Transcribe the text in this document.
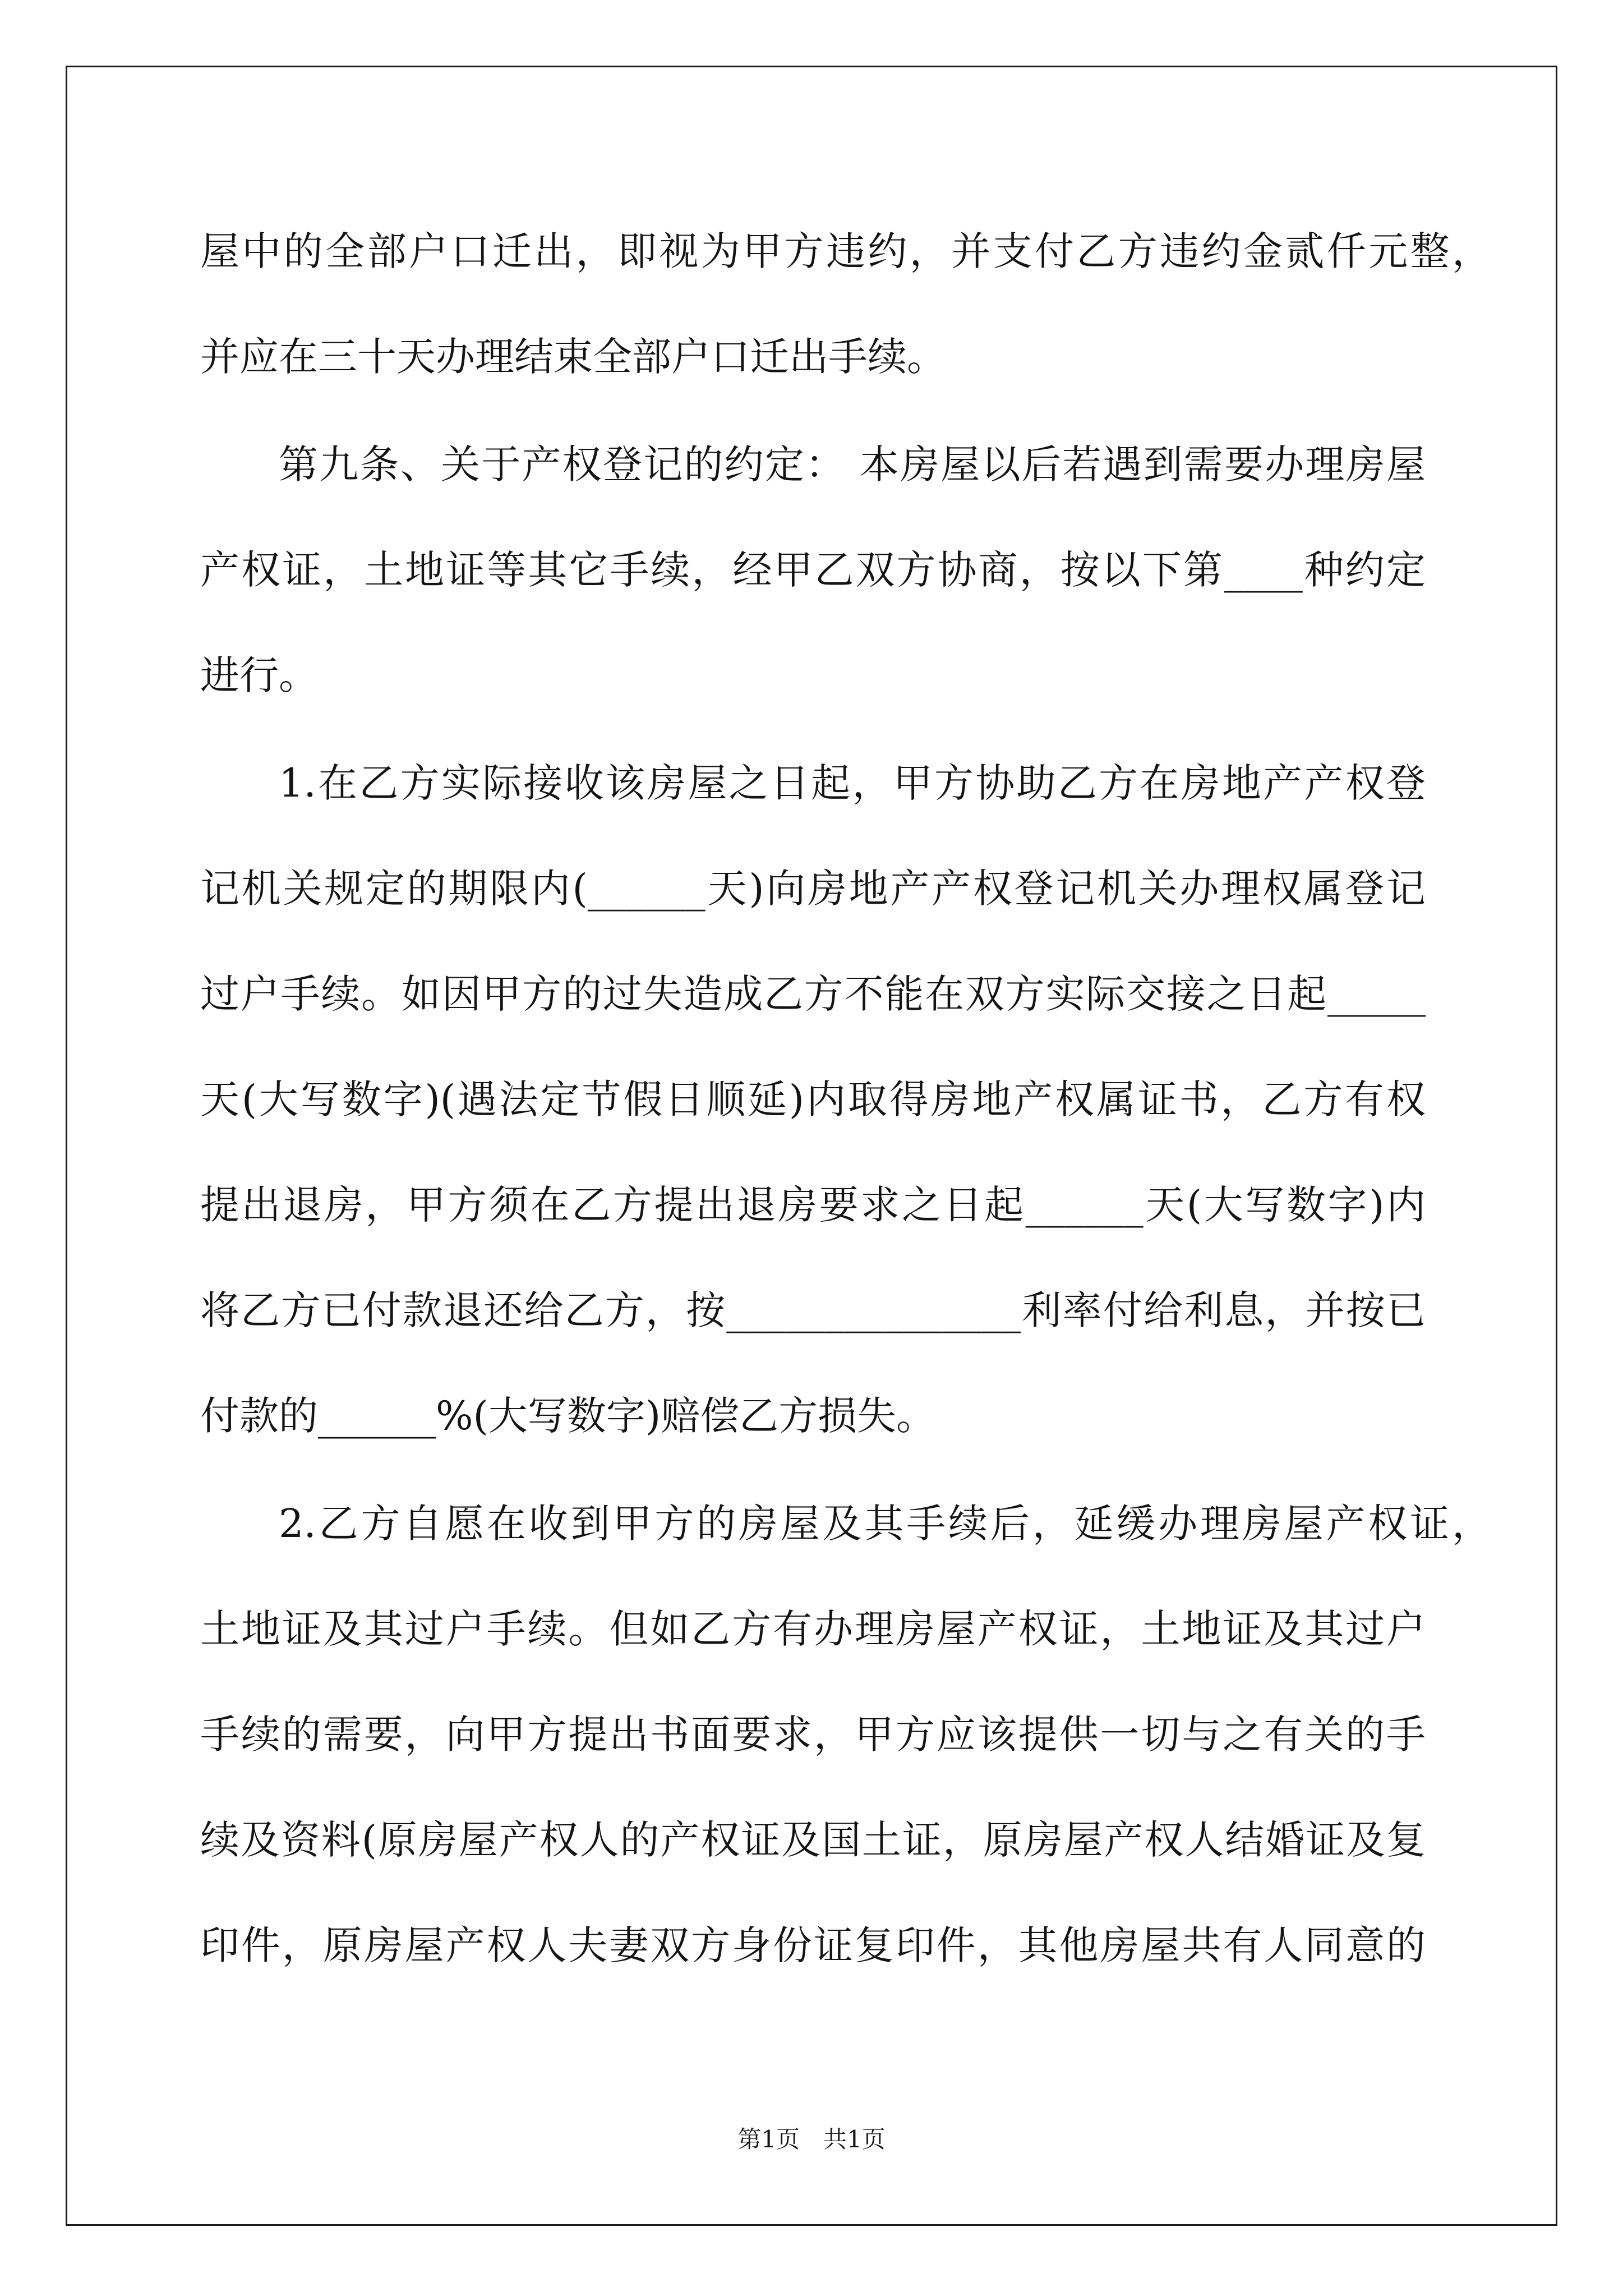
屋中的全部户口迁出，即视为甲方违约，并支付乙方违约金贰仟元整，
并应在三十天办理结束全部户口迁出手续。
第九条、关于产权登记的约定： 本房屋以后若遇到需要办理房屋
产权证，土地证等其它手续，经甲乙双方协商，按以下第____种约定
进行。
1.在乙方实际接收该房屋之日起，甲方协助乙方在房地产产权登
记机关规定的期限内(______天)向房地产产权登记机关办理权属登记
过户手续。如因甲方的过失造成乙方不能在双方实际交接之日起_____
天(大写数字)(遇法定节假日顺延)内取得房地产权属证书，乙方有权
提出退房，甲方须在乙方提出退房要求之日起______天(大写数字)内
将乙方已付款退还给乙方，按_______________利率付给利息，并按已
付款的______%(大写数字)赔偿乙方损失。
2.乙方自愿在收到甲方的房屋及其手续后，延缓办理房屋产权证，
土地证及其过户手续。但如乙方有办理房屋产权证，土地证及其过户
手续的需要，向甲方提出书面要求，甲方应该提供一切与之有关的手
续及资料(原房屋产权人的产权证及国土证，原房屋产权人结婚证及复
印件，原房屋产权人夫妻双方身份证复印件，其他房屋共有人同意的
第1页　共1页
